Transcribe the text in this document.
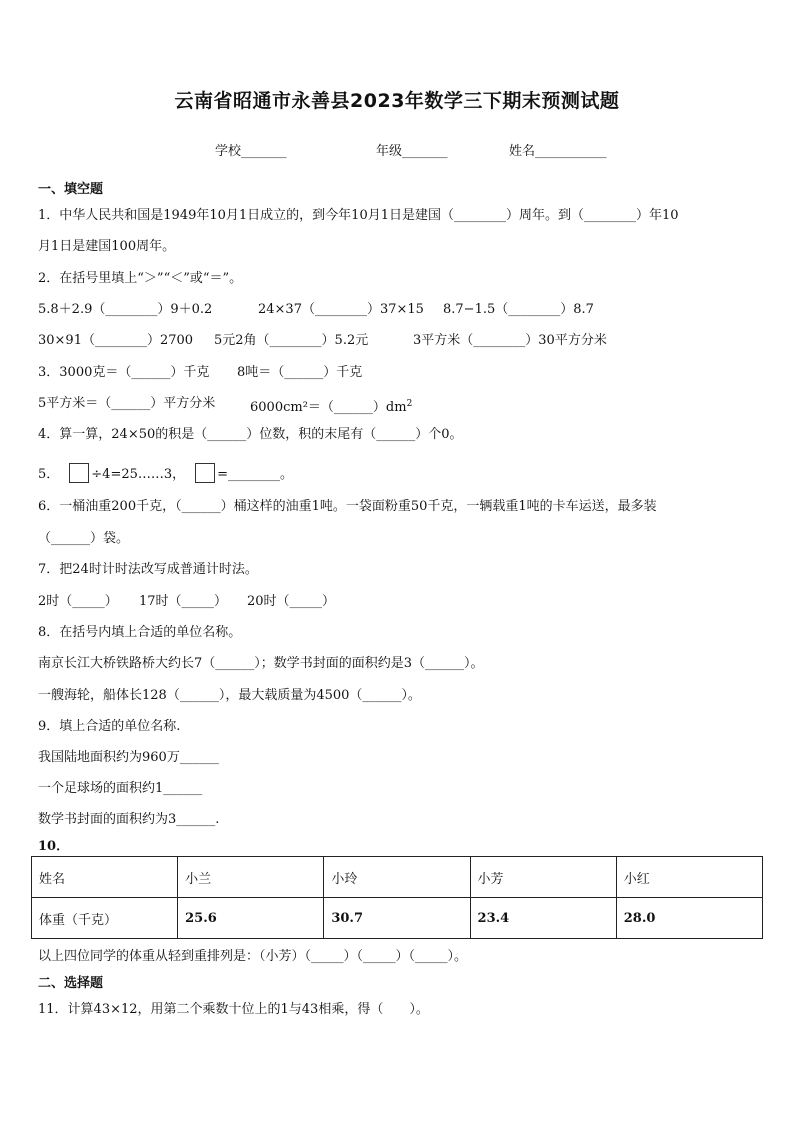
云南省昭通市永善县2023年数学三下期末预测试题
学校_______	年级_______	姓名___________
一、填空题
1．中华人民共和国是1949年10月1日成立的，到今年10月1日是建国（________）周年。到（________）年10
月1日是建国100周年。
2．在括号里填上“＞”“＜”或“＝”。
5.8＋2.9（________）9＋0.2	24×37（________）37×15 8.7−1.5（________）8.7
30×91（________）2700 5元2角（________）5.2元	3平方米（________）30平方分米
3．3000克＝（______）千克 8吨＝（______）千克
5平方米＝（______）平方分米	$6000cm^2=(\_\_\_\_\_\_)dm^2$
4．算一算，24×50的积是（______）位数，积的末尾有（______）个0。
5． ÷4=25……3， =________。
6．一桶油重200千克，（______）桶这样的油重1吨。一袋面粉重50千克，一辆载重1吨的卡车运送，最多装
（______）袋。
7．把24时计时法改写成普通计时法。
2时（_____） 17时（_____） 20时（_____）
8．在括号内填上合适的单位名称。
南京长江大桥铁路桥大约长7（______）；数学书封面的面积约是3（______）。
一艘海轮，船体长128（______），最大载质量为4500（______）。
9．填上合适的单位名称.
我国陆地面积约为960万______
一个足球场的面积约1______
数学书封面的面积约为3______.
10．
姓名	小兰	小玲	小芳	小红
体重（千克）	25.6	30.7	23.4	28.0
以上四位同学的体重从轻到重排列是：（小芳）（_____）（_____）（_____）。
二、选择题
11．计算43×12，用第二个乘数十位上的1与43相乘，得（　　）。
